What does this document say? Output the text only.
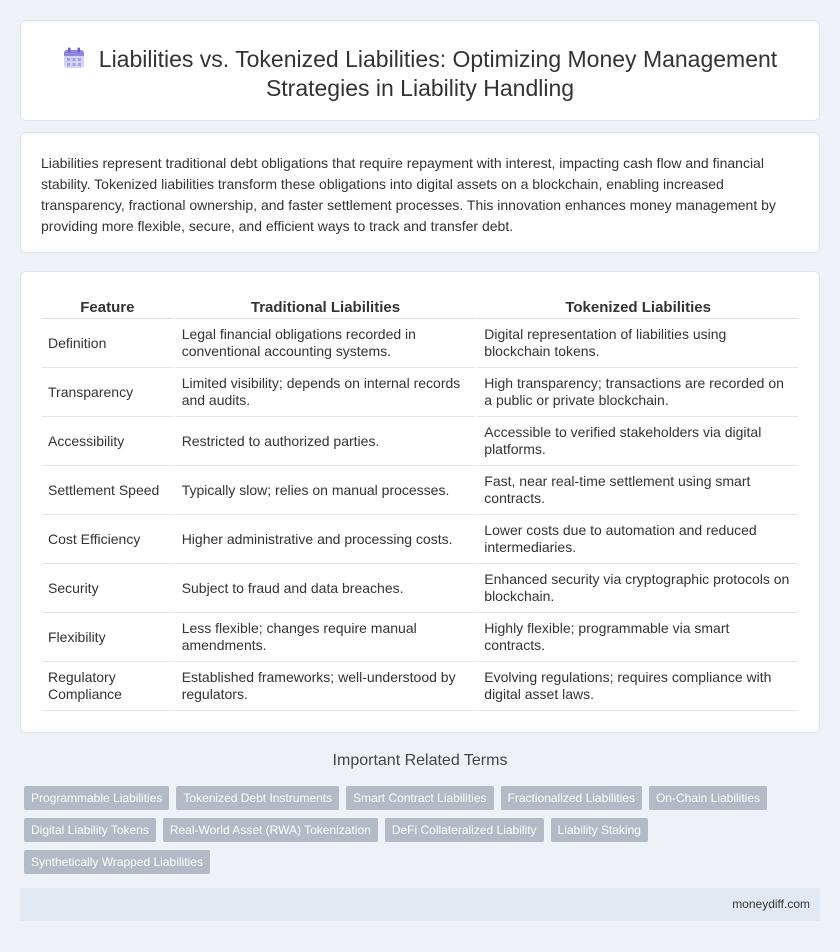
Liabilities vs. Tokenized Liabilities: Optimizing Money Management Strategies in Liability Handling

Liabilities represent traditional debt obligations that require repayment with interest, impacting cash flow and financial stability. Tokenized liabilities transform these obligations into digital assets on a blockchain, enabling increased transparency, fractional ownership, and faster settlement processes. This innovation enhances money management by providing more flexible, secure, and efficient ways to track and transfer debt.

Feature	Traditional Liabilities	Tokenized Liabilities
Definition	Legal financial obligations recorded in conventional accounting systems.	Digital representation of liabilities using blockchain tokens.
Transparency	Limited visibility; depends on internal records and audits.	High transparency; transactions are recorded on a public or private blockchain.
Accessibility	Restricted to authorized parties.	Accessible to verified stakeholders via digital platforms.
Settlement Speed	Typically slow; relies on manual processes.	Fast, near real-time settlement using smart contracts.
Cost Efficiency	Higher administrative and processing costs.	Lower costs due to automation and reduced intermediaries.
Security	Subject to fraud and data breaches.	Enhanced security via cryptographic protocols on blockchain.
Flexibility	Less flexible; changes require manual amendments.	Highly flexible; programmable via smart contracts.
Regulatory Compliance	Established frameworks; well-understood by regulators.	Evolving regulations; requires compliance with digital asset laws.
Important Related Terms
Programmable Liabilities	Tokenized Debt Instruments	Smart Contract Liabilities	Fractionalized Liabilities	On-Chain Liabilities
Digital Liability Tokens	Real-World Asset (RWA) Tokenization	DeFi Collateralized Liability	Liability Staking
Synthetically Wrapped Liabilities
moneydiff.com
